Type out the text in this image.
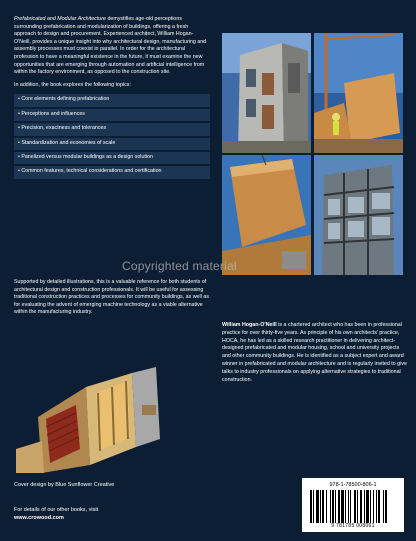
Prefabricated and Modular Architecture demystifies age-old perceptions surrounding prefabrication and modularization of buildings, offering a fresh approach to design and procurement. Experienced architect, William Hogan-O'Neill, provides a unique insight into why architectural design, manufacturing and assembly processes must coexist in parallel. In order for the architectural profession to have a meaningful existence in the future, it must examine the new opportunities that are emerging through automation and artificial intelligence from within the factory environment, as opposed to the construction site.

In addition, the book explores the following topics:

• Core elements defining prefabrication
• Perceptions and influences
• Precision, exactness and tolerances
• Standardization and economies of scale
• Panelized versus modular buildings as a design solution
• Common features, technical considerations and certification

Supported by detailed illustrations, this is a valuable reference for both students of architectural design and construction professionals. It will be useful for assessing traditional construction practices and processes for community buildings, as well as for evaluating the advent of emerging machine technology as a viable alternative within the manufacturing industry.

Copyrighted material

William Hogan-O'Neill is a chartered architect who has been in professional practice for over thirty-five years. As principle of his own architects' practice, HOCA, he has led as a skilled research practitioner in delivering architect-designed prefabricated and modular housing, school and university projects and other community buildings. He is identified as a subject expert and award winner in prefabricated and modular architecture and is regularly invited to give talks to industry professionals on applying alternative strategies to traditional construction.

Cover design by Blue Sunflower Creative
For details of our other books, visit
www.crowood.com
978-1-78500-806-1
9 781785 008061
